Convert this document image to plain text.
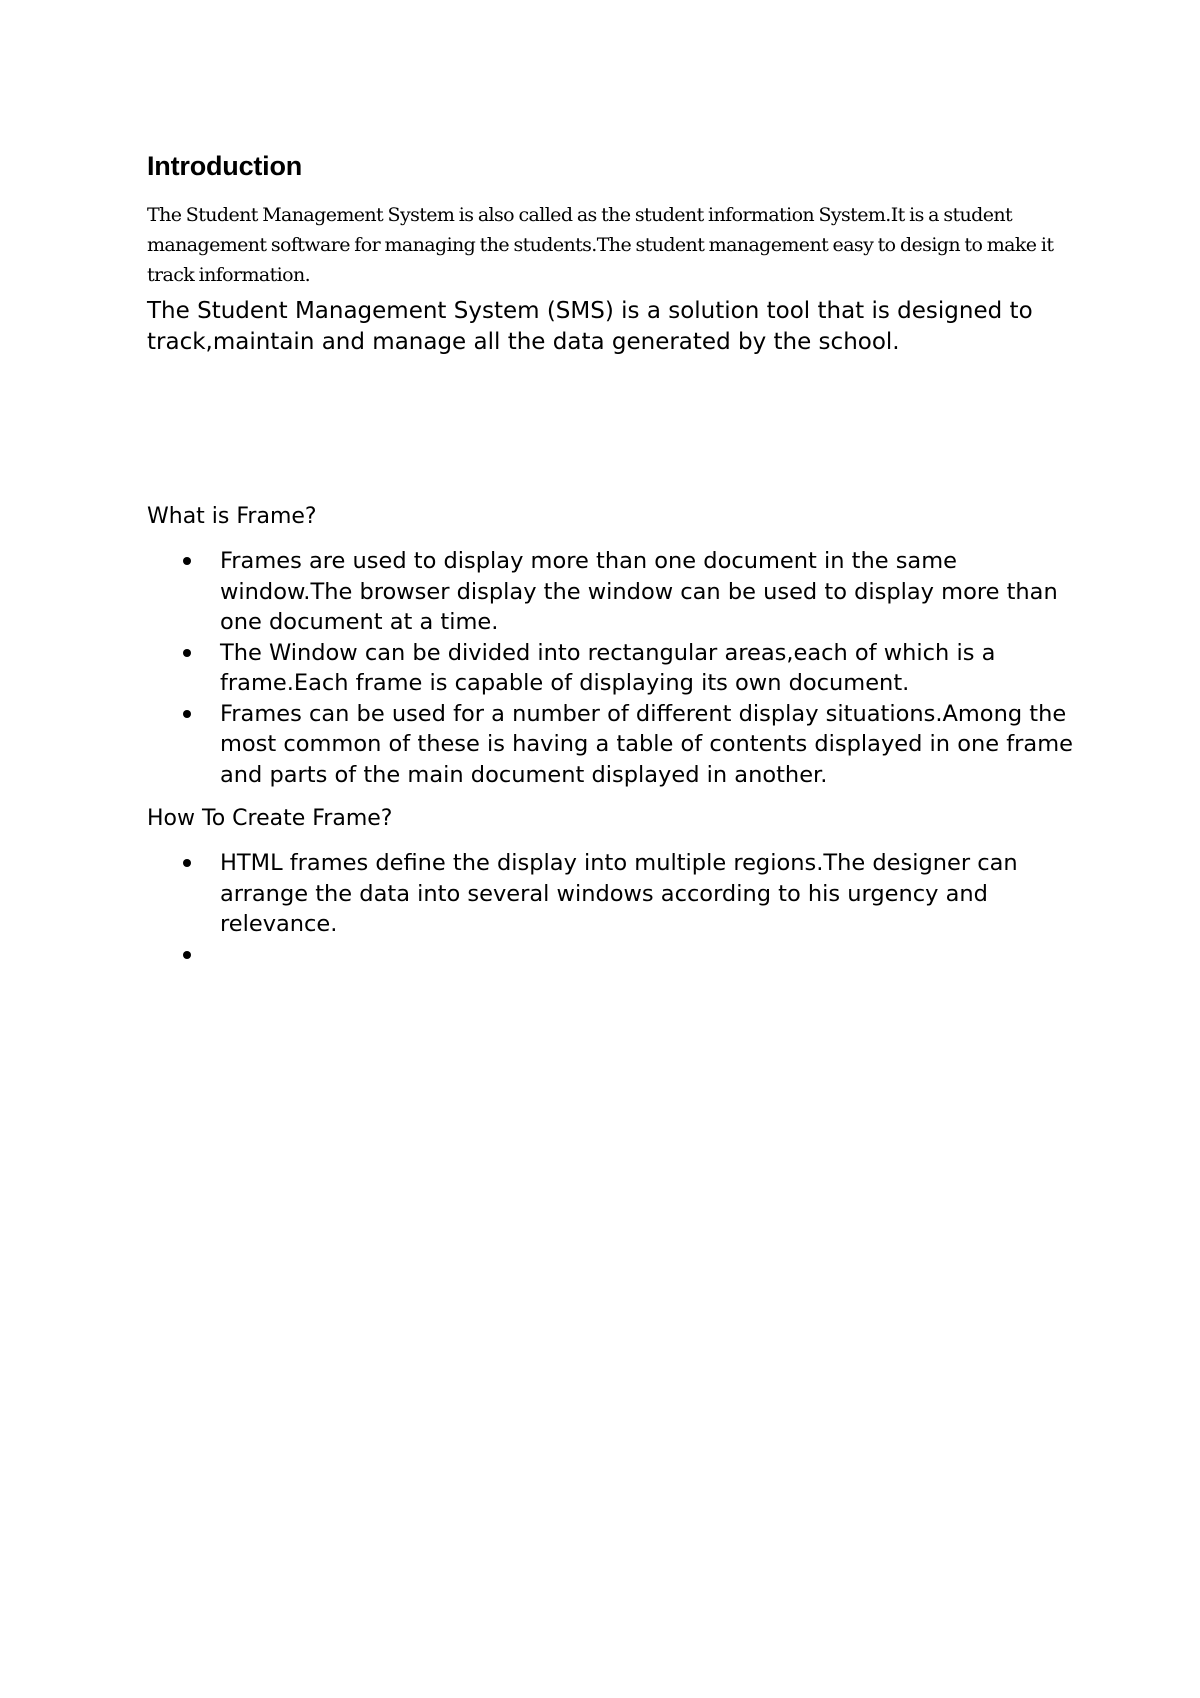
Introduction

The Student Management System is also called as the student information System.It is a student management software for managing the students.The student management easy to design to make it track information.

The Student Management System (SMS) is a solution tool that is designed to track,maintain and manage all the data generated by the school.

What is Frame?

Frames are used to display more than one document in the same window.The browser display the window can be used to display more than one document at a time.
The Window can be divided into rectangular areas,each of which is a frame.Each frame is capable of displaying its own document.
Frames can be used for a number of different display situations.Among the most common of these is having a table of contents displayed in one frame and parts of the main document displayed in another.

How To Create Frame?

HTML frames define the display into multiple regions.The designer can arrange the data into several windows according to his urgency and relevance.
